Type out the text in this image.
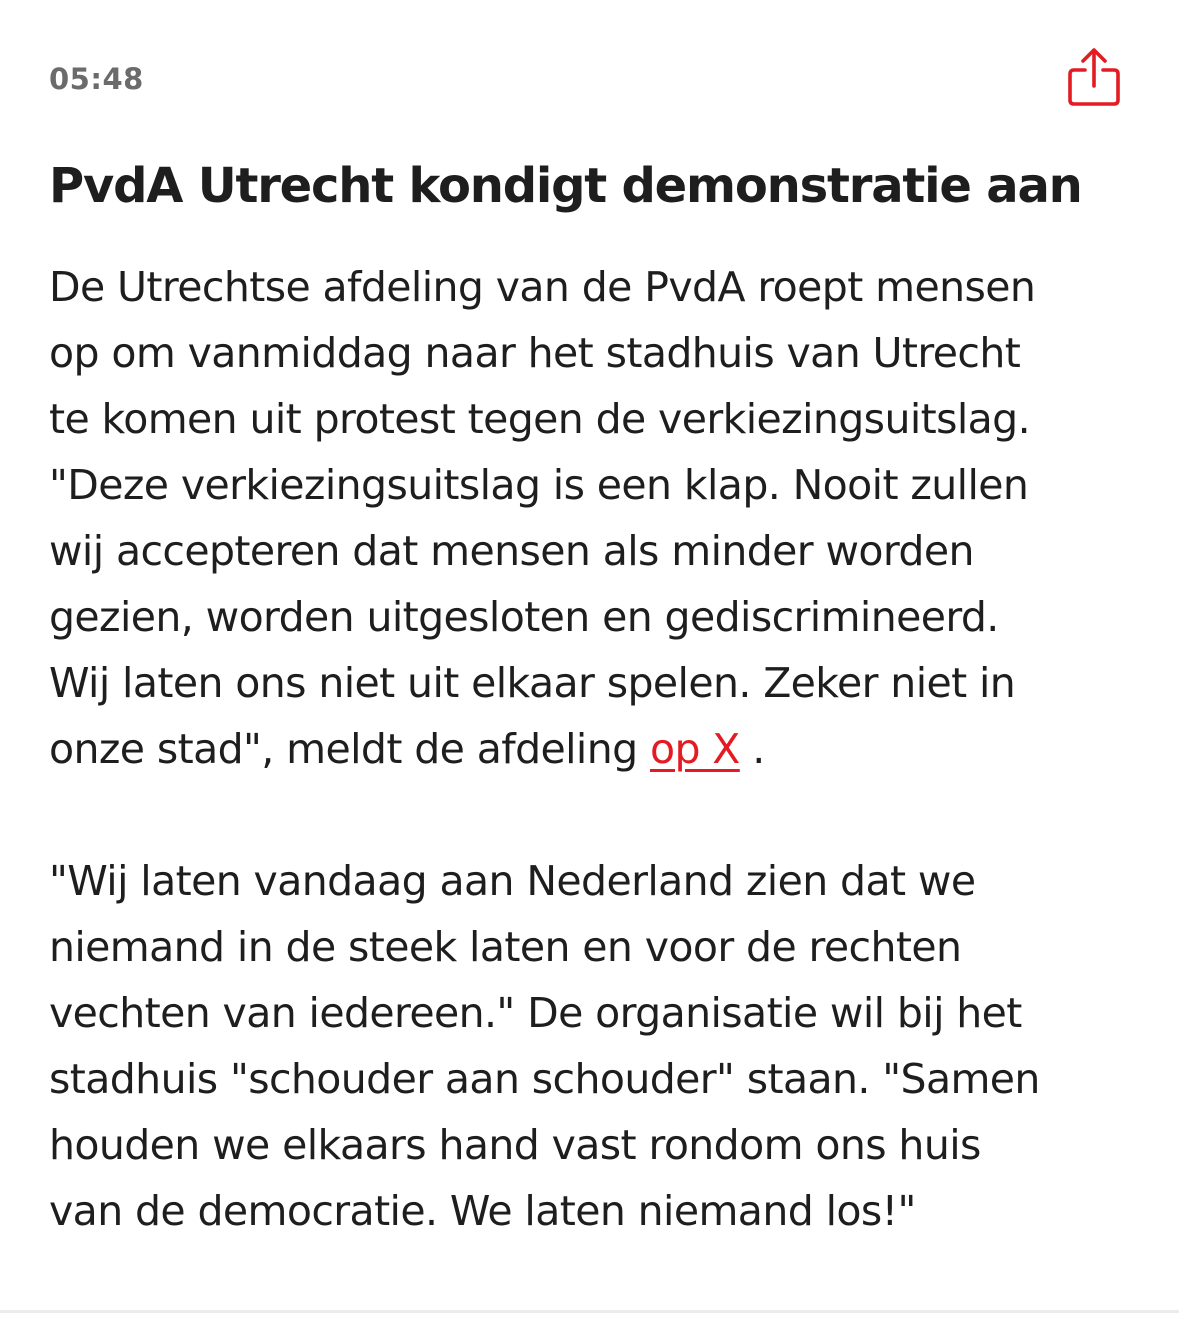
05:48
PvdA Utrecht kondigt demonstratie aan
De Utrechtse afdeling van de PvdA roept mensen
op om vanmiddag naar het stadhuis van Utrecht
te komen uit protest tegen de verkiezingsuitslag.
"Deze verkiezingsuitslag is een klap. Nooit zullen
wij accepteren dat mensen als minder worden
gezien, worden uitgesloten en gediscrimineerd.
Wij laten ons niet uit elkaar spelen. Zeker niet in
onze stad", meldt de afdeling op X .
"Wij laten vandaag aan Nederland zien dat we
niemand in de steek laten en voor de rechten
vechten van iedereen." De organisatie wil bij het
stadhuis "schouder aan schouder" staan. "Samen
houden we elkaars hand vast rondom ons huis
van de democratie. We laten niemand los!"
